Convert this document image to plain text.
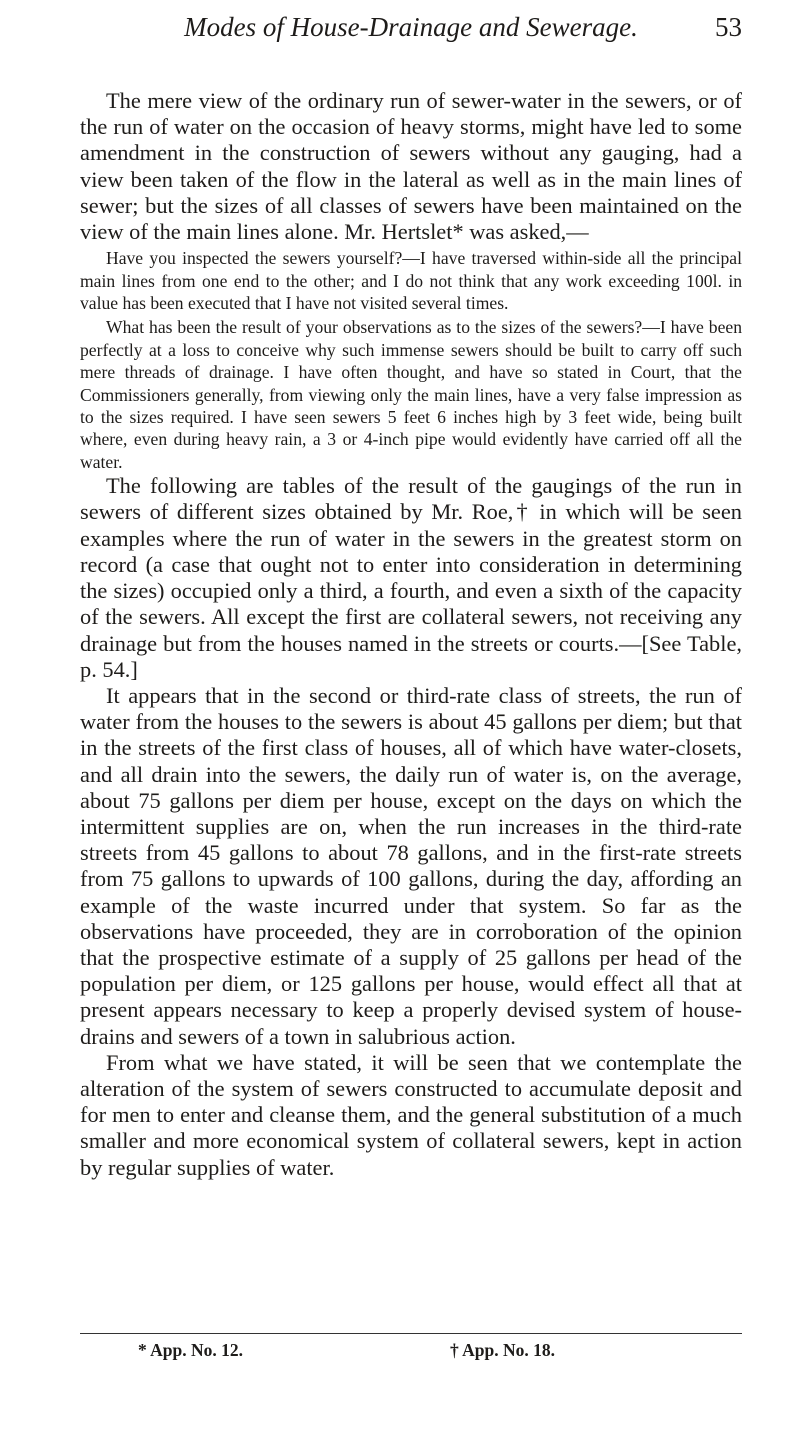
Modes of House-Drainage and Sewerage.	53

The mere view of the ordinary run of sewer-water in the sewers, or of the run of water on the occasion of heavy storms, might have led to some amendment in the construction of sewers without any gauging, had a view been taken of the flow in the lateral as well as in the main lines of sewer; but the sizes of all classes of sewers have been maintained on the view of the main lines alone. Mr. Hertslet* was asked,—

Have you inspected the sewers yourself?—I have traversed within-side all the principal main lines from one end to the other; and I do not think that any work exceeding 100l. in value has been executed that I have not visited several times.

What has been the result of your observations as to the sizes of the sewers?—I have been perfectly at a loss to conceive why such immense sewers should be built to carry off such mere threads of drainage. I have often thought, and have so stated in Court, that the Commissioners generally, from viewing only the main lines, have a very false impression as to the sizes required. I have seen sewers 5 feet 6 inches high by 3 feet wide, being built where, even during heavy rain, a 3 or 4-inch pipe would evidently have carried off all the water.

The following are tables of the result of the gaugings of the run in sewers of different sizes obtained by Mr. Roe,† in which will be seen examples where the run of water in the sewers in the greatest storm on record (a case that ought not to enter into consideration in determining the sizes) occupied only a third, a fourth, and even a sixth of the capacity of the sewers. All except the first are collateral sewers, not receiving any drainage but from the houses named in the streets or courts.—[See Table, p. 54.]

It appears that in the second or third-rate class of streets, the run of water from the houses to the sewers is about 45 gallons per diem; but that in the streets of the first class of houses, all of which have water-closets, and all drain into the sewers, the daily run of water is, on the average, about 75 gallons per diem per house, except on the days on which the intermittent supplies are on, when the run increases in the third-rate streets from 45 gallons to about 78 gallons, and in the first-rate streets from 75 gallons to upwards of 100 gallons, during the day, affording an example of the waste incurred under that system. So far as the observations have proceeded, they are in corroboration of the opinion that the prospective estimate of a supply of 25 gallons per head of the population per diem, or 125 gallons per house, would effect all that at present appears necessary to keep a properly devised system of house-drains and sewers of a town in salubrious action.

From what we have stated, it will be seen that we contemplate the alteration of the system of sewers constructed to accumulate deposit and for men to enter and cleanse them, and the general substitution of a much smaller and more economical system of collateral sewers, kept in action by regular supplies of water.

* App. No. 12.	† App. No. 18.
